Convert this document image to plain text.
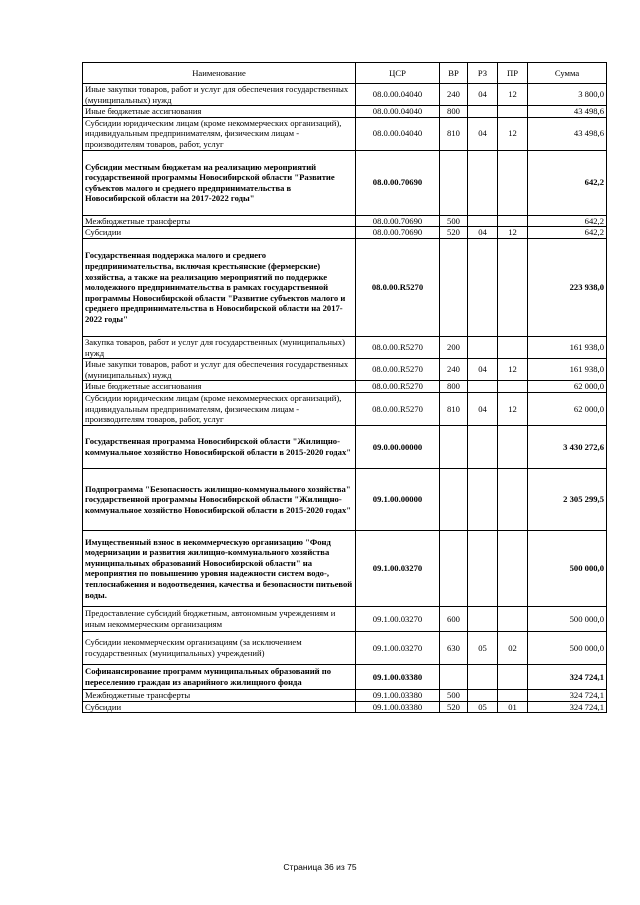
Наименование	ЦСР	ВР	РЗ	ПР	Сумма
Иные закупки товаров, работ и услуг для обеспечения государственных (муниципальных) нужд	08.0.00.04040	240	04	12	3 800,0
Иные бюджетные ассигнования	08.0.00.04040	800			43 498,6
Субсидии юридическим лицам (кроме некоммерческих организаций), индивидуальным предпринимателям, физическим лицам - производителям товаров, работ, услуг	08.0.00.04040	810	04	12	43 498,6
Субсидии местным бюджетам на реализацию мероприятий государственной программы Новосибирской области "Развитие субъектов малого и среднего предпринимательства в Новосибирской области на 2017-2022 годы"	08.0.00.70690				642,2
Межбюджетные трансферты	08.0.00.70690	500			642,2
Субсидии	08.0.00.70690	520	04	12	642,2
Государственная поддержка малого и среднего предпринимательства, включая крестьянские (фермерские) хозяйства, а также на реализацию мероприятий по поддержке молодежного предпринимательства в рамках государственной программы Новосибирской области "Развитие субъектов малого и среднего предпринимательства в Новосибирской области на 2017-2022 годы"	08.0.00.R5270				223 938,0
Закупка товаров, работ и услуг для государственных (муниципальных) нужд	08.0.00.R5270	200			161 938,0
Иные закупки товаров, работ и услуг для обеспечения государственных (муниципальных) нужд	08.0.00.R5270	240	04	12	161 938,0
Иные бюджетные ассигнования	08.0.00.R5270	800			62 000,0
Субсидии юридическим лицам (кроме некоммерческих организаций), индивидуальным предпринимателям, физическим лицам - производителям товаров, работ, услуг	08.0.00.R5270	810	04	12	62 000,0
Государственная программа Новосибирской области "Жилищно-коммунальное хозяйство Новосибирской области в 2015-2020 годах"	09.0.00.00000				3 430 272,6
Подпрограмма "Безопасность жилищно-коммунального хозяйства" государственной программы Новосибирской области "Жилищно-коммунальное хозяйство Новосибирской области в 2015-2020 годах"	09.1.00.00000				2 305 299,5
Имущественный взнос в некоммерческую организацию "Фонд модернизации и развития жилищно-коммунального хозяйства муниципальных образований Новосибирской области" на мероприятия по повышению уровня надежности систем водо-, теплоснабжения и водоотведения, качества и безопасности питьевой воды.	09.1.00.03270				500 000,0
Предоставление субсидий бюджетным, автономным учреждениям и иным некоммерческим организациям	09.1.00.03270	600			500 000,0
Субсидии некоммерческим организациям (за исключением государственных (муниципальных) учреждений)	09.1.00.03270	630	05	02	500 000,0
Софинансирование программ муниципальных образований по переселению граждан из аварийного жилищного фонда	09.1.00.03380				324 724,1
Межбюджетные трансферты	09.1.00.03380	500			324 724,1
Субсидии	09.1.00.03380	520	05	01	324 724,1
Страница 36 из 75
